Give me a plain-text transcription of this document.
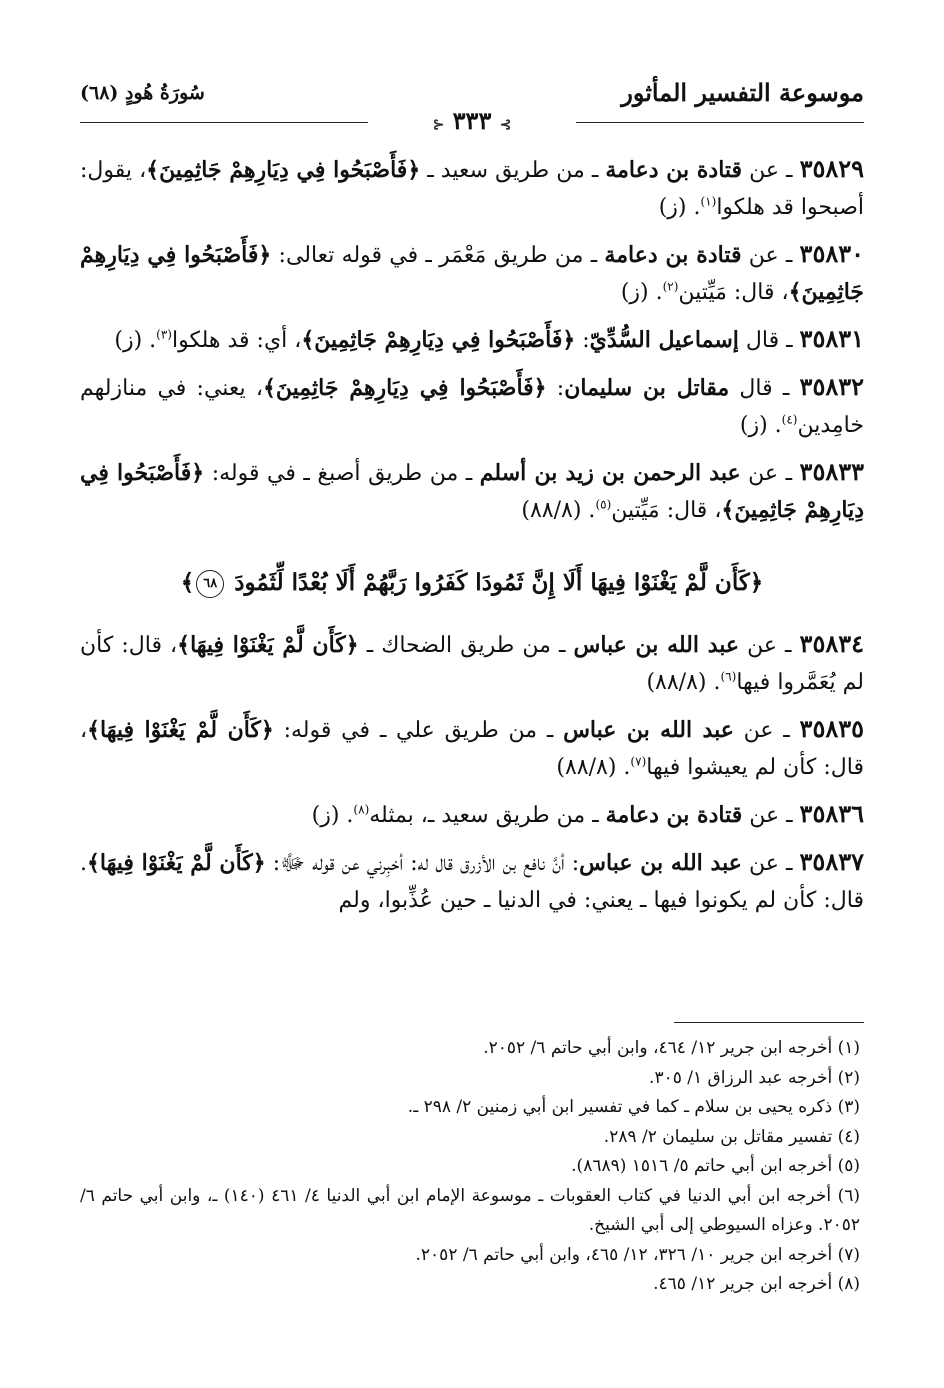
موسوعة التفسير المأثور
⊱ ٣٣٣ ⊰
سُورَةُ هُودٍ (٦٨)

٣٥٨٢٩ ـ عن قتادة بن دعامة ـ من طريق سعيد ـ ﴿فَأَصْبَحُوا فِي دِيَارِهِمْ جَاثِمِينَ﴾، يقول: أصبحوا قد هلكوا$^{(١)}$. (ز)

٣٥٨٣٠ ـ عن قتادة بن دعامة ـ من طريق مَعْمَر ـ في قوله تعالى: ﴿فَأَصْبَحُوا فِي دِيَارِهِمْ جَاثِمِينَ﴾، قال: مَيِّتين$^{(٢)}$. (ز)

٣٥٨٣١ ـ قال إسماعيل السُّدِّيّ: ﴿فَأَصْبَحُوا فِي دِيَارِهِمْ جَاثِمِينَ﴾، أي: قد هلكوا$^{(٣)}$. (ز)

٣٥٨٣٢ ـ قال مقاتل بن سليمان: ﴿فَأَصْبَحُوا فِي دِيَارِهِمْ جَاثِمِينَ﴾، يعني: في منازلهم خامِدين$^{(٤)}$. (ز)

٣٥٨٣٣ ـ عن عبد الرحمن بن زيد بن أسلم ـ من طريق أصبغ ـ في قوله: ﴿فَأَصْبَحُوا فِي دِيَارِهِمْ جَاثِمِينَ﴾، قال: مَيِّتين$^{(٥)}$. (٨٨/٨)

﴿كَأَن لَّمْ يَغْنَوْا فِيهَا أَلَا إِنَّ ثَمُودَا كَفَرُوا رَبَّهُمْ أَلَا بُعْدًا لِّثَمُودَ ٦٨﴾

٣٥٨٣٤ ـ عن عبد الله بن عباس ـ من طريق الضحاك ـ ﴿كَأَن لَّمْ يَغْنَوْا فِيهَا﴾، قال: كأن لم يُعَمَّروا فيها$^{(٦)}$. (٨٨/٨)

٣٥٨٣٥ ـ عن عبد الله بن عباس ـ من طريق علي ـ في قوله: ﴿كَأَن لَّمْ يَغْنَوْا فِيهَا﴾، قال: كأن لم يعيشوا فيها$^{(٧)}$. (٨٨/٨)

٣٥٨٣٦ ـ عن قتادة بن دعامة ـ من طريق سعيد ـ، بمثله$^{(٨)}$. (ز)

٣٥٨٣٧ ـ عن عبد الله بن عباس: أنَّ نافع بن الأزرق قال له: أخبِرني عن قوله ﷻ: ﴿كَأَن لَّمْ يَغْنَوْا فِيهَا﴾. قال: كأن لم يكونوا فيها ـ يعني: في الدنيا ـ حين عُذِّبوا، ولم

(١) أخرجه ابن جرير ١٢/ ٤٦٤، وابن أبي حاتم ٦/ ٢٠٥٢.

(٢) أخرجه عبد الرزاق ١/ ٣٠٥.

(٣) ذكره يحيى بن سلام ـ كما في تفسير ابن أبي زمنين ٢/ ٢٩٨ ـ.

(٤) تفسير مقاتل بن سليمان ٢/ ٢٨٩.

(٥) أخرجه ابن أبي حاتم ٥/ ١٥١٦ (٨٦٨٩).

(٦) أخرجه ابن أبي الدنيا في كتاب العقوبات ـ موسوعة الإمام ابن أبي الدنيا ٤/ ٤٦١ (١٤٠) ـ، وابن أبي حاتم ٦/ ٢٠٥٢. وعزاه السيوطي إلى أبي الشيخ.

(٧) أخرجه ابن جرير ١٠/ ٣٢٦، ١٢/ ٤٦٥، وابن أبي حاتم ٦/ ٢٠٥٢.

(٨) أخرجه ابن جرير ١٢/ ٤٦٥.
